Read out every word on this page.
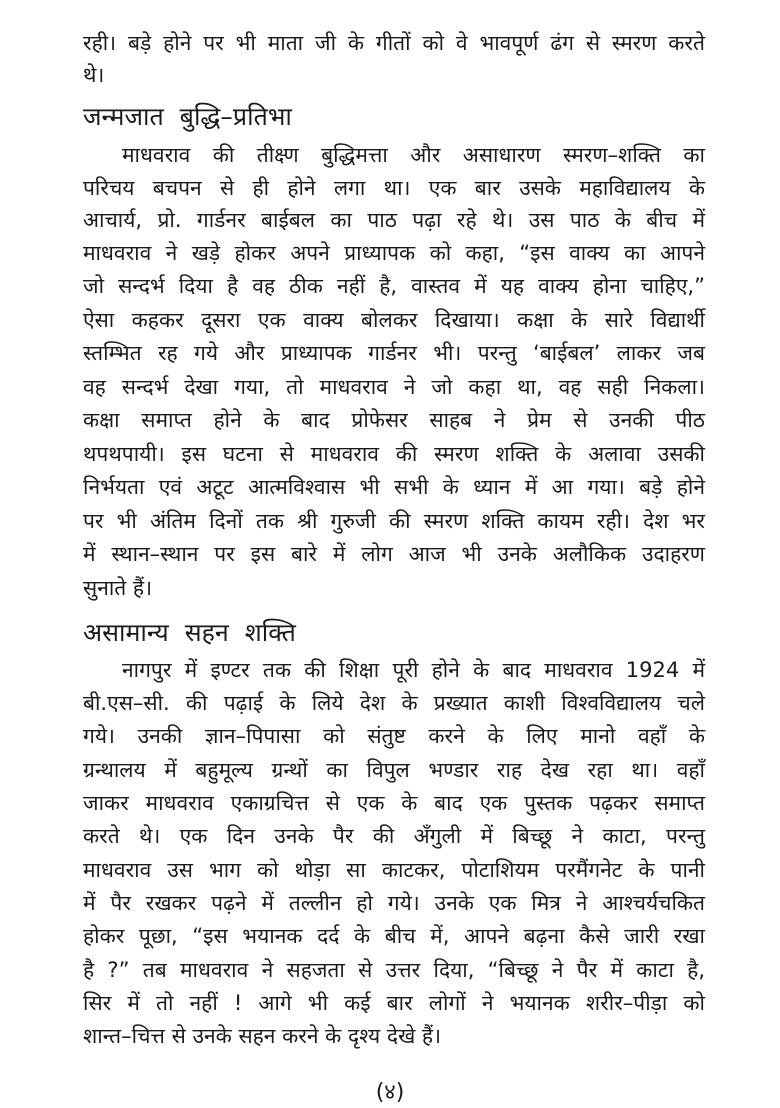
रही। बड़े होने पर भी माता जी के गीतों को वे भावपूर्ण ढंग से स्मरण करते
थे।
जन्मजात बुद्धि–प्रतिभा
माधवराव की तीक्ष्ण बुद्धिमत्ता और असाधारण स्मरण–शक्ति का
परिचय बचपन से ही होने लगा था। एक बार उसके महाविद्यालय के
आचार्य, प्रो. गार्डनर बाईबल का पाठ पढ़ा रहे थे। उस पाठ के बीच में
माधवराव ने खड़े होकर अपने प्राध्यापक को कहा, “इस वाक्य का आपने
जो सन्दर्भ दिया है वह ठीक नहीं है, वास्तव में यह वाक्य होना चाहिए,”
ऐसा कहकर दूसरा एक वाक्य बोलकर दिखाया। कक्षा के सारे विद्यार्थी
स्तम्भित रह गये और प्राध्यापक गार्डनर भी। परन्तु ‘बाईबल’ लाकर जब
वह सन्दर्भ देखा गया, तो माधवराव ने जो कहा था, वह सही निकला।
कक्षा समाप्त होने के बाद प्रोफेसर साहब ने प्रेम से उनकी पीठ
थपथपायी। इस घटना से माधवराव की स्मरण शक्ति के अलावा उसकी
निर्भयता एवं अटूट आत्मविश्वास भी सभी के ध्यान में आ गया। बड़े होने
पर भी अंतिम दिनों तक श्री गुरुजी की स्मरण शक्ति कायम रही। देश भर
में स्थान–स्थान पर इस बारे में लोग आज भी उनके अलौकिक उदाहरण
सुनाते हैं।
असामान्य सहन शक्ति
नागपुर में इण्टर तक की शिक्षा पूरी होने के बाद माधवराव 1924 में
बी.एस–सी. की पढ़ाई के लिये देश के प्रख्यात काशी विश्वविद्यालय चले
गये। उनकी ज्ञान–पिपासा को संतुष्ट करने के लिए मानो वहाँ के
ग्रन्थालय में बहुमूल्य ग्रन्थों का विपुल भण्डार राह देख रहा था। वहाँ
जाकर माधवराव एकाग्रचित्त से एक के बाद एक पुस्तक पढ़कर समाप्त
करते थे। एक दिन उनके पैर की अँगुली में बिच्छू ने काटा, परन्तु
माधवराव उस भाग को थोड़ा सा काटकर, पोटाशियम परमैंगनेट के पानी
में पैर रखकर पढ़ने में तल्लीन हो गये। उनके एक मित्र ने आश्चर्यचकित
होकर पूछा, “इस भयानक दर्द के बीच में, आपने बढ़ना कैसे जारी रखा
है ?” तब माधवराव ने सहजता से उत्तर दिया, “बिच्छू ने पैर में काटा है,
सिर में तो नहीं ! आगे भी कई बार लोगों ने भयानक शरीर–पीड़ा को
शान्त–चित्त से उनके सहन करने के दृश्य देखे हैं।
(४)
